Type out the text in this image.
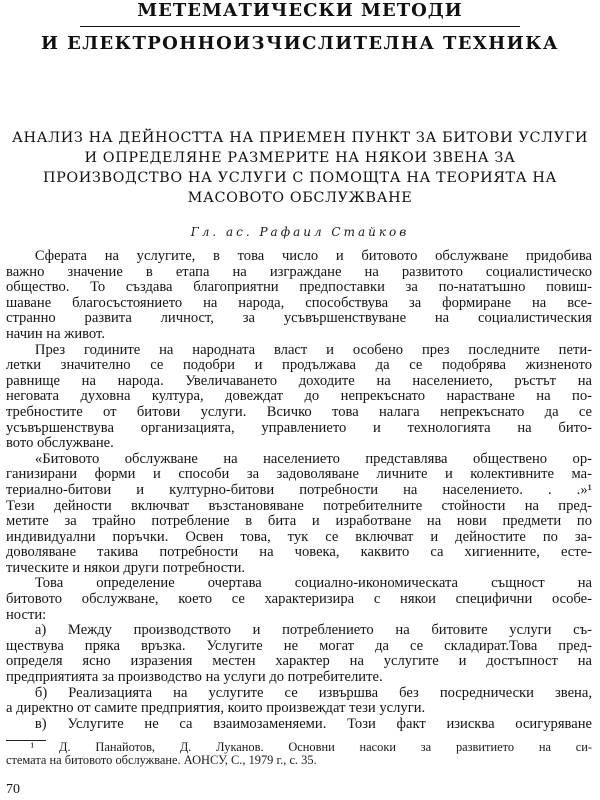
МЕТЕМАТИЧЕСКИ МЕТОДИ
И ЕЛЕКТРОННОИЗЧИСЛИТЕЛНА ТЕХНИКА
АНАЛИЗ НА ДЕЙНОСТТА НА ПРИЕМЕН ПУНКТ ЗА БИТОВИ УСЛУГИ
И ОПРЕДЕЛЯНЕ РАЗМЕРИТЕ НА НЯКОИ ЗВЕНА ЗА
ПРОИЗВОДСТВО НА УСЛУГИ С ПОМОЩТА НА ТЕОРИЯТА НА
МАСОВОТО ОБСЛУЖВАНЕ
Гл. ас. Рафаил Стайков
Сферата на услугите, в това число и битовото обслужване придобива
важно значение в етапа на изграждане на развитото социалистическо
общество. То създава благоприятни предпоставки за по-нататъшно повиш-
шаване благосъстоянието на народа, способствува за формиране на все-
странно развита личност, за усъвършенствуване на социалистическия
начин на живот.
През годините на народната власт и особено през последните пети-
летки значително се подобри и продължава да се подобрява жизненото
равнище на народа. Увеличаването доходите на населението, ръстът на
неговата духовна култура, довеждат до непрекъснато нарастване на по-
требностите от битови услуги. Всичко това налага непрекъснато да се
усъвършенствува организацията, управлението и технологията на бито-
вото обслужване.
«Битовото обслужване на населението представлява обществено ор-
ганизирани форми и способи за задоволяване личните и колективните ма-
териално-битови и културно-битови потребности на населението. . .»¹
Тези дейности включват възстановяване потребителните стойности на пред-
метите за трайно потребление в бита и изработване на нови предмети по
индивидуални поръчки. Освен това, тук се включват и дейностите по за-
доволяване такива потребности на човека, каквито са хигиенните, есте-
тическите и някои други потребности.
Това определение очертава социално-икономическата същност на
битовото обслужване, което се характеризира с някои специфични особе-
ности:
а) Между производството и потреблението на битовите услуги съ-
ществува пряка връзка. Услугите не могат да се складират.Това пред-
определя ясно изразения местен характер на услугите и достъпност на
предприятията за производство на услуги до потребителите.
б) Реализацията на услугите се извършва без посреднически звена,
а директно от самите предприятия, които произвеждат тези услуги.
в) Услугите не са взаимозаменяеми. Този факт изисква осигуряване
¹ Д. Панайотов, Д. Луканов. Основни насоки за развитието на си-
стемата на битовото обслужване. АОНСУ, С., 1979 г., с. 35.
70
